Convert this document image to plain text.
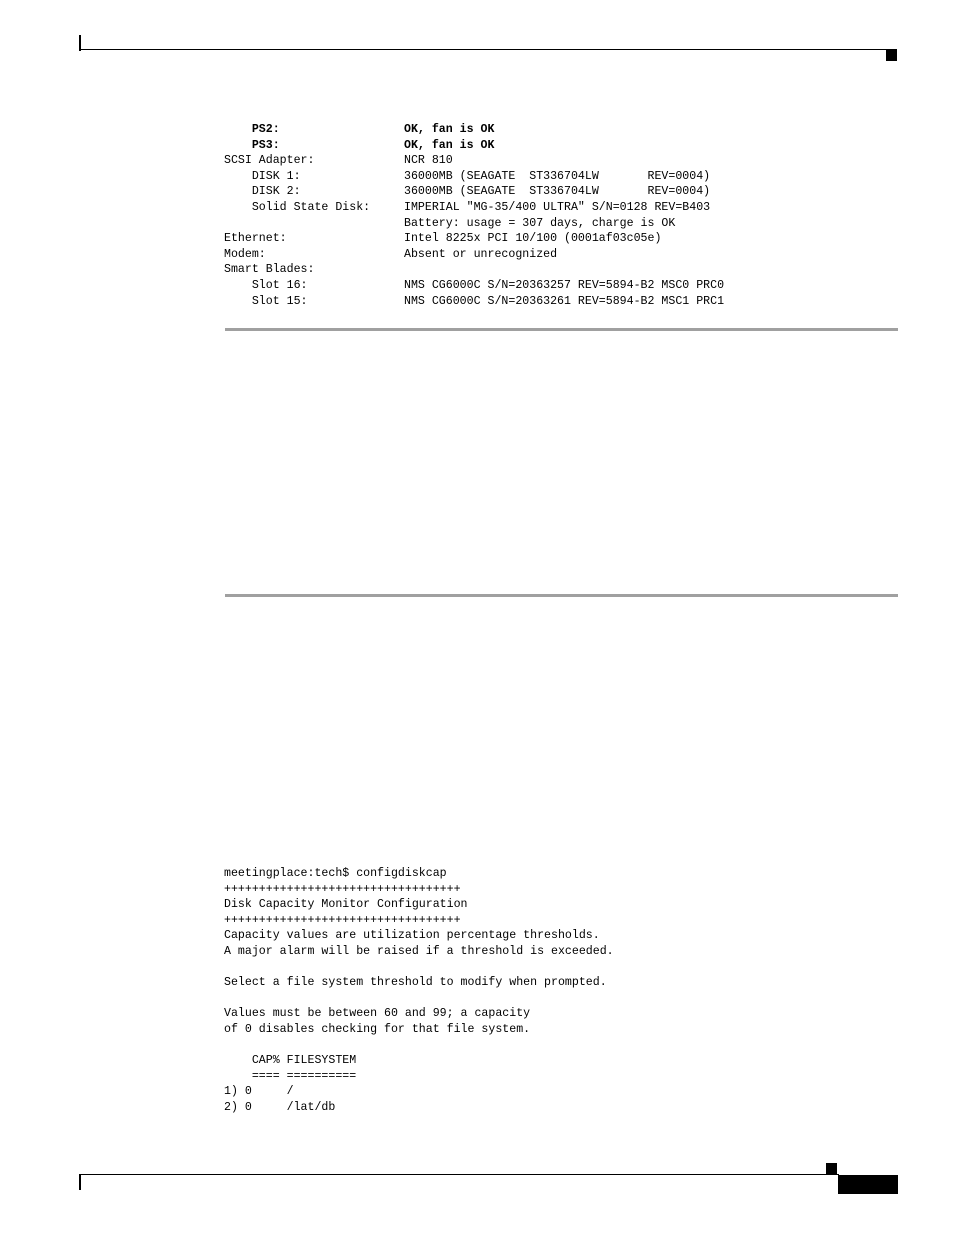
PS2:	OK, fan is OK
PS3:	OK, fan is OK
SCSI Adapter:	NCR 810
DISK 1:	36000MB (SEAGATE  ST336704LW       REV=0004)
DISK 2:	36000MB (SEAGATE  ST336704LW       REV=0004)
Solid State Disk:	IMPERIAL "MG-35/400 ULTRA" S/N=0128 REV=B403
Battery: usage = 307 days, charge is OK
Ethernet:	Intel 8225x PCI 10/100 (0001af03c05e)
Modem:	Absent or unrecognized
Smart Blades:
Slot 16:	NMS CG6000C S/N=20363257 REV=5894-B2 MSC0 PRC0
Slot 15:	NMS CG6000C S/N=20363261 REV=5894-B2 MSC1 PRC1
meetingplace:tech$ configdiskcap
++++++++++++++++++++++++++++++++++
Disk Capacity Monitor Configuration
++++++++++++++++++++++++++++++++++
Capacity values are utilization percentage thresholds.
A major alarm will be raised if a threshold is exceeded.
Select a file system threshold to modify when prompted.
Values must be between 60 and 99; a capacity
of 0 disables checking for that file system.
CAP% FILESYSTEM
==== ==========
1) 0     /
2) 0     /lat/db
